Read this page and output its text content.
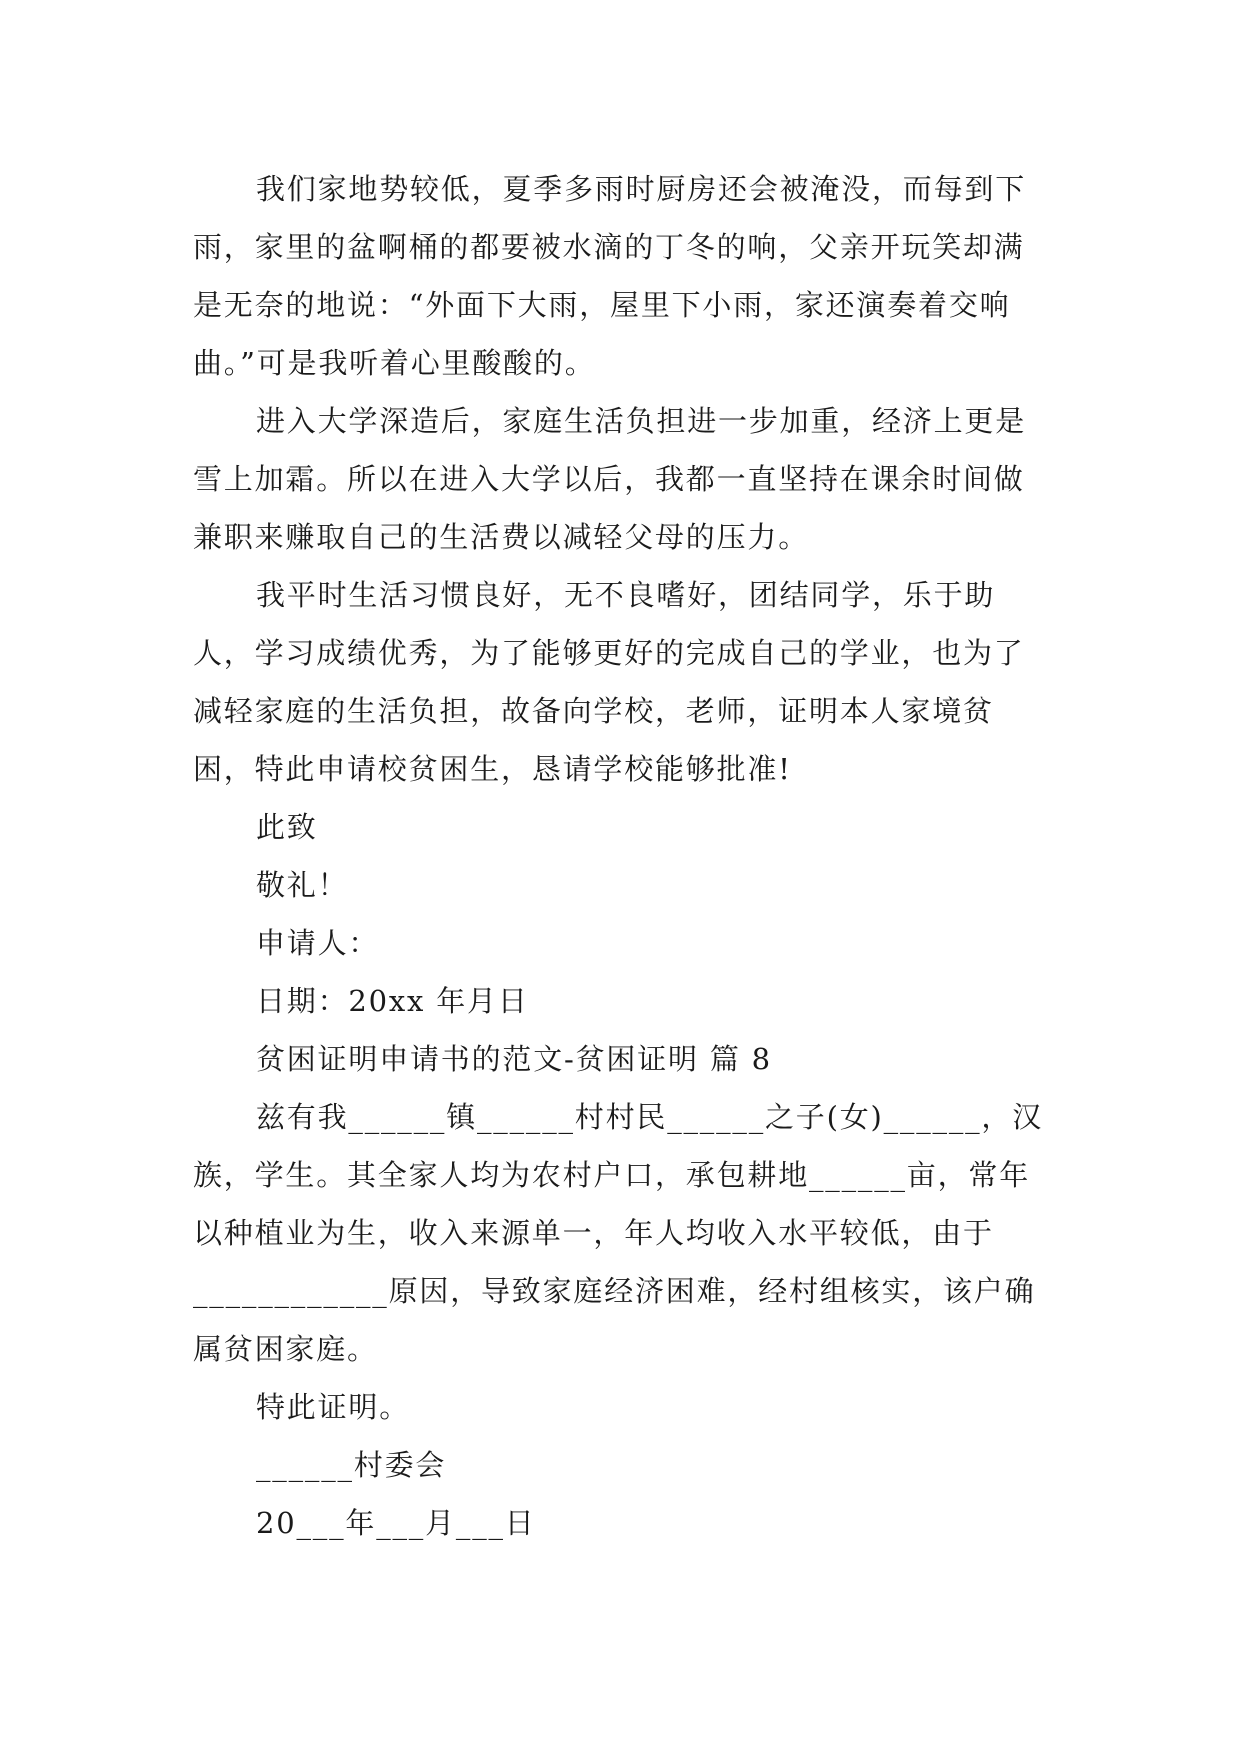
我们家地势较低，夏季多雨时厨房还会被淹没，而每到下雨，家里的盆啊桶的都要被水滴的丁冬的响，父亲开玩笑却满是无奈的地说：“外面下大雨，屋里下小雨，家还演奏着交响曲。”可是我听着心里酸酸的。

进入大学深造后，家庭生活负担进一步加重，经济上更是雪上加霜。所以在进入大学以后，我都一直坚持在课余时间做兼职来赚取自己的生活费以减轻父母的压力。

我平时生活习惯良好，无不良嗜好，团结同学，乐于助人，学习成绩优秀，为了能够更好的完成自己的学业，也为了减轻家庭的生活负担，故备向学校，老师，证明本人家境贫困，特此申请校贫困生，恳请学校能够批准!

此致

敬礼！

申请人：

日期：20xx 年月日

贫困证明申请书的范文-贫困证明 篇 8

兹有我______镇______村村民______之子(女)______，汉族，学生。其全家人均为农村户口，承包耕地______亩，常年以种植业为生，收入来源单一，年人均收入水平较低，由于____________原因，导致家庭经济困难，经村组核实，该户确属贫困家庭。

特此证明。

______村委会

20___年___月___日
